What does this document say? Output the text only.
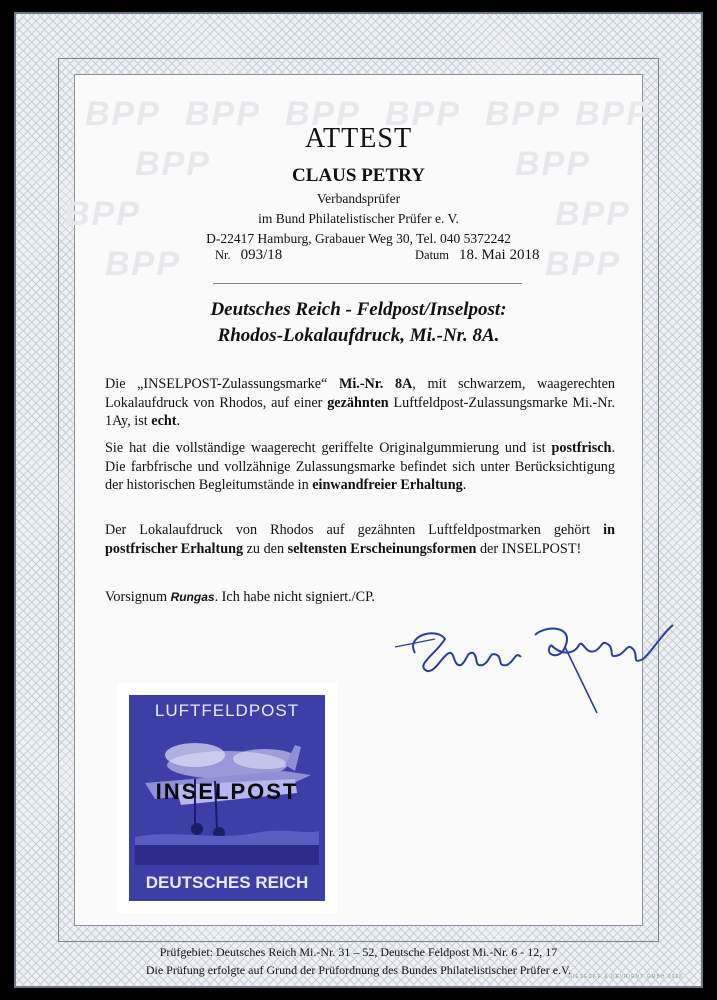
BPP BPP BPP BPP BPP BPP
BPP	BPP
BPP	BPP
BPP	BPP
ATTEST
CLAUS PETRY
Verbandsprüfer
im Bund Philatelistischer Prüfer e. V.
D-22417 Hamburg, Grabauer Weg 30, Tel. 040 5372242
Nr. 093/18	Datum 18. Mai 2018
Deutsches Reich - Feldpost/Inselpost:
Rhodos-Lokalaufdruck, Mi.-Nr. 8A.
Die „INSELPOST-Zulassungsmarke“ Mi.-Nr. 8A, mit schwarzem, waagerechten Lokalaufdruck von Rhodos, auf einer gezähnten Luftfeldpost-Zulassungsmarke Mi.-Nr. 1Ay, ist echt.
Sie hat die vollständige waagerecht geriffelte Originalgummierung und ist postfrisch. Die farbfrische und vollzähnige Zulassungsmarke befindet sich unter Berücksichtigung der historischen Begleitumstände in einwandfreier Erhaltung.
Der Lokalaufdruck von Rhodos auf gezähnten Luftfeldpostmarken gehört in postfrischer Erhaltung zu den seltensten Erscheinungsformen der INSELPOST!
Vorsignum Rungas. Ich habe nicht signiert./CP.
LUFTFELDPOST
INSELPOST
DEUTSCHES REICH
Prüfgebiet: Deutsches Reich Mi.-Nr. 31 – 52, Deutsche Feldpost Mi.-Nr. 6 - 12, 17
Die Prüfung erfolgte auf Grund der Prüfordnung des Bundes Philatelistischer Prüfer e.V.
GIESECKE & DEVRIENT GMBH 2016
